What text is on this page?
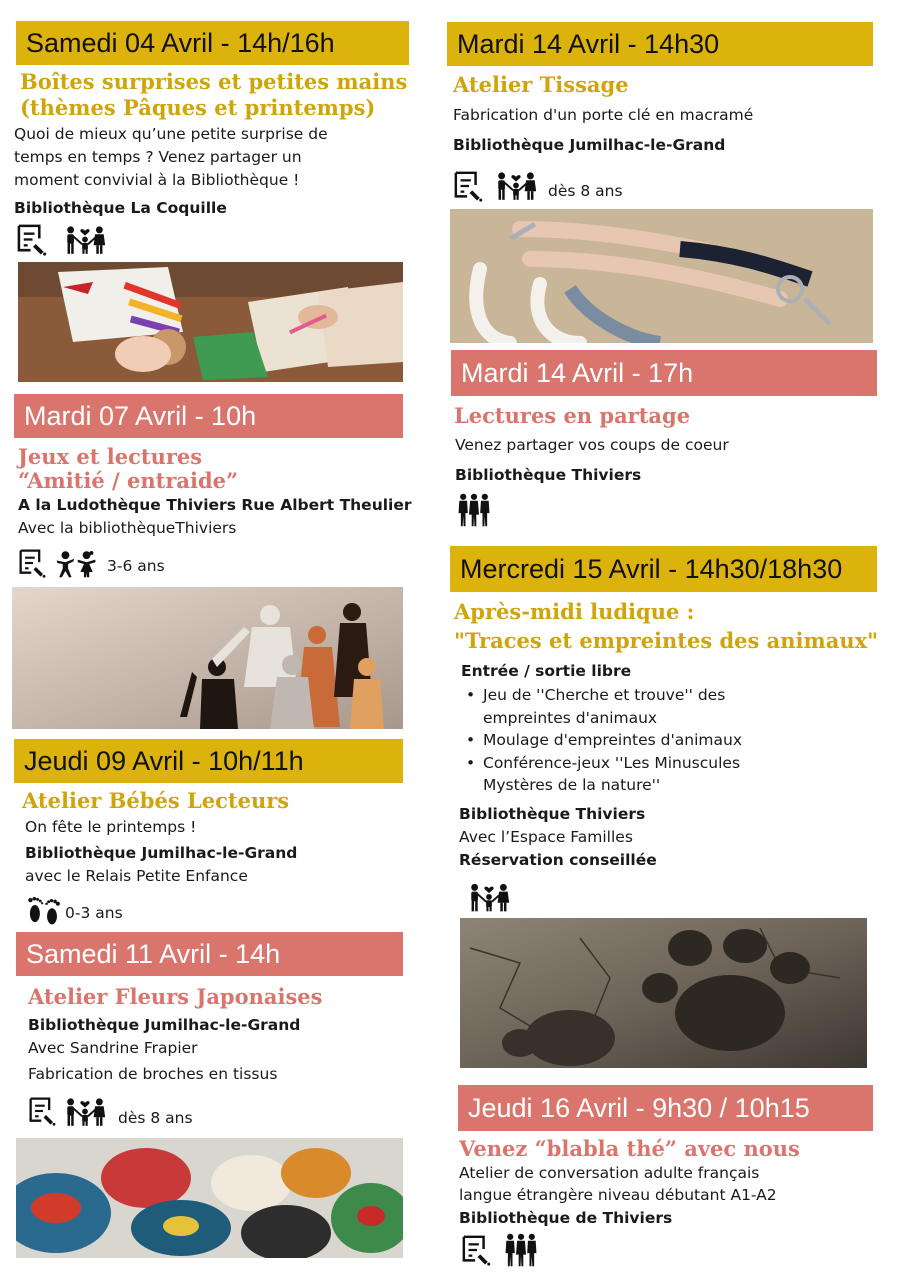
Samedi 04 Avril - 14h/16h
Boîtes surprises et petites mains
(thèmes Pâques et printemps)
Quoi de mieux qu’une petite surprise de
temps en temps ? Venez partager un
moment convivial à la Bibliothèque !
Bibliothèque La Coquille
Mardi 07 Avril - 10h
Jeux et lectures
“Amitié / entraide”
A la Ludothèque Thiviers Rue Albert Theulier
Avec la bibliothèqueThiviers
3-6 ans
Jeudi 09 Avril - 10h/11h
Atelier Bébés Lecteurs
On fête le printemps !
Bibliothèque Jumilhac-le-Grand
avec le Relais Petite Enfance
0-3 ans
Samedi 11 Avril - 14h
Atelier Fleurs Japonaises
Bibliothèque Jumilhac-le-Grand
Avec Sandrine Frapier
Fabrication de broches en tissus
dès 8 ans
Mardi 14 Avril - 14h30
Atelier Tissage
Fabrication d'un porte clé en macramé
Bibliothèque Jumilhac-le-Grand
dès 8 ans
Mardi 14 Avril - 17h
Lectures en partage
Venez partager vos coups de coeur
Bibliothèque Thiviers
Mercredi 15 Avril - 14h30/18h30
Après-midi ludique :
"Traces et empreintes des animaux"
Entrée / sortie libre
• Jeu de ''Cherche et trouve'' des
empreintes d'animaux
• Moulage d'empreintes d'animaux
• Conférence-jeux ''Les Minuscules
Mystères de la nature''
Bibliothèque Thiviers
Avec l’Espace Familles
Réservation conseillée
Jeudi 16 Avril - 9h30 / 10h15
Venez “blabla thé” avec nous
Atelier de conversation adulte français
langue étrangère niveau débutant A1-A2
Bibliothèque de Thiviers
